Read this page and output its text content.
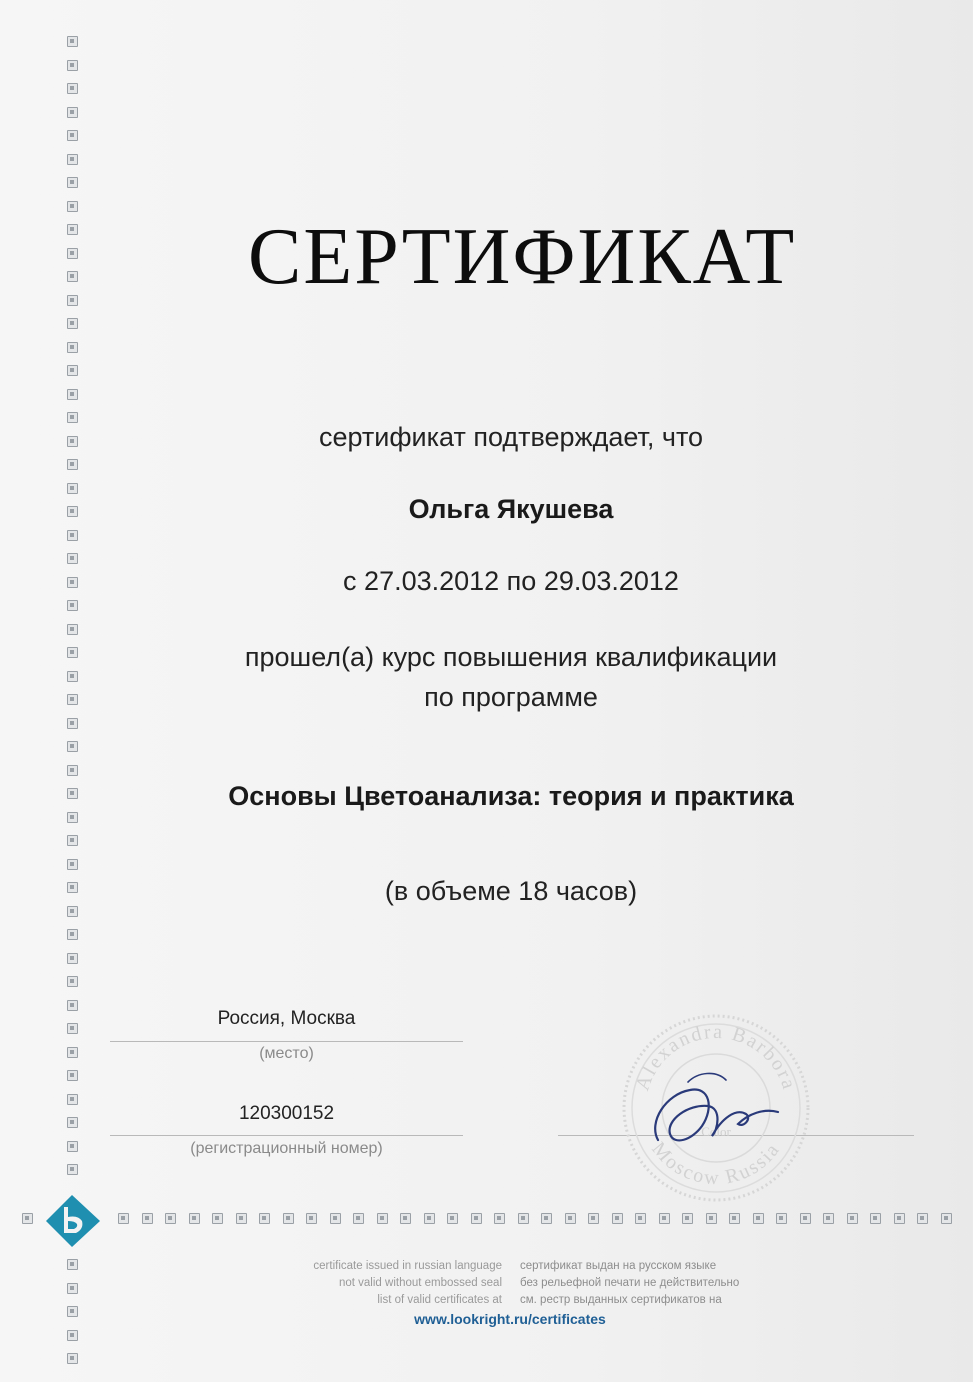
СЕРТИФИКАТ
сертификат подтверждает, что
Ольга Якушева
с 27.03.2012 по 29.03.2012
прошел(а) курс повышения квалификации
по программе
Основы Цветоанализа: теория и практика
(в объеме 18 часов)
Россия, Москва
(место)
120300152
(регистрационный номер)
Alexandra Barbora
Moscow Russia
Color
certificate issued in russian language
not valid without embossed seal
list of valid certificates at
сертификат выдан на русском языке
без рельефной печати не действительно
см. рестр выданных сертификатов на
www.lookright.ru/certificates
